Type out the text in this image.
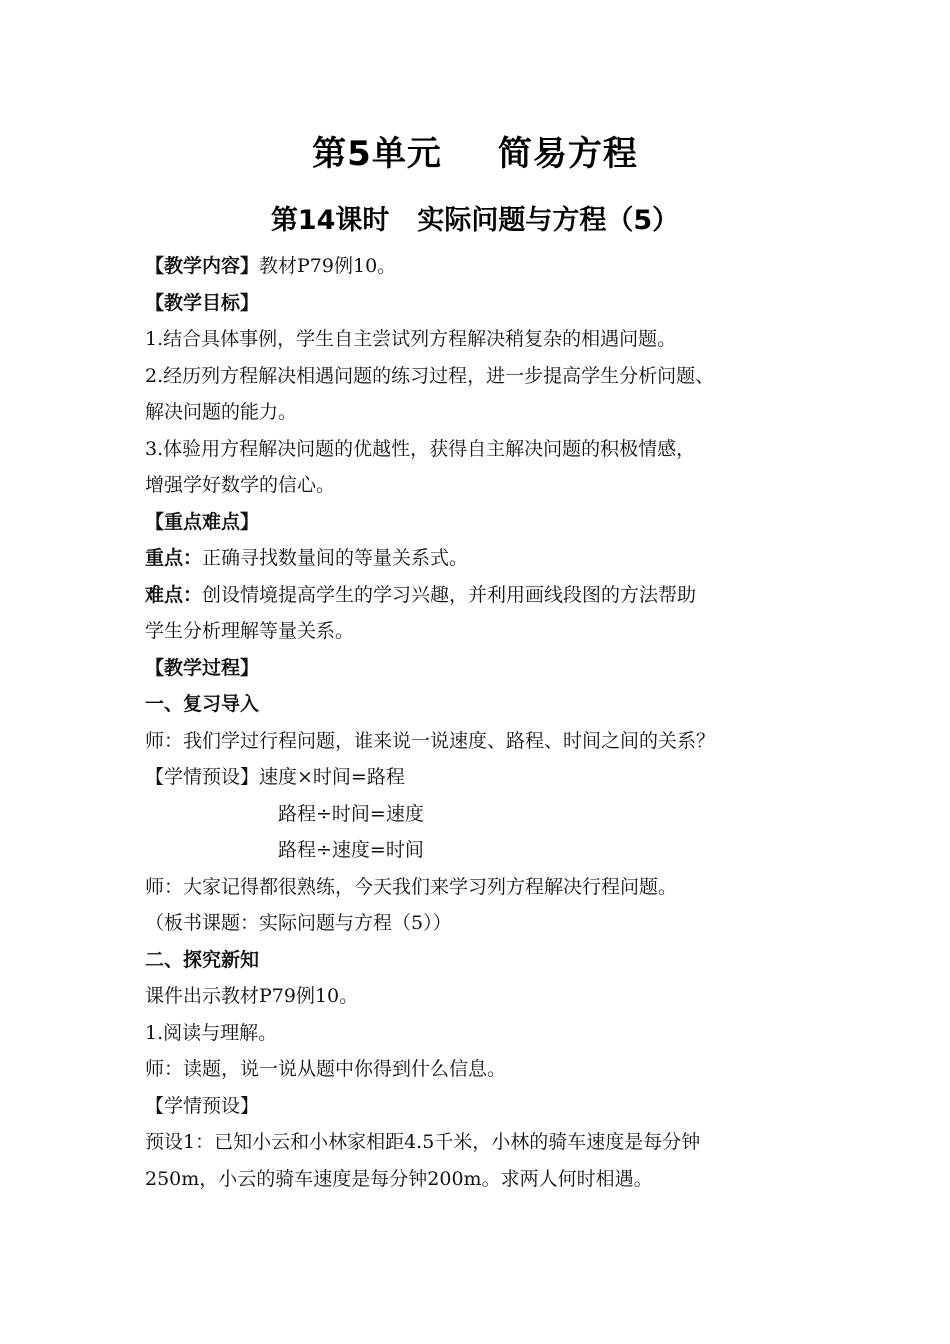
第5单元 简易方程
第14课时 实际问题与方程（5）
【教学内容】教材P79例10。
【教学目标】
1.结合具体事例，学生自主尝试列方程解决稍复杂的相遇问题。
2.经历列方程解决相遇问题的练习过程，进一步提高学生分析问题、
解决问题的能力。
3.体验用方程解决问题的优越性，获得自主解决问题的积极情感，
增强学好数学的信心。
【重点难点】
重点：正确寻找数量间的等量关系式。
难点：创设情境提高学生的学习兴趣，并利用画线段图的方法帮助
学生分析理解等量关系。
【教学过程】
一、复习导入
师：我们学过行程问题，谁来说一说速度、路程、时间之间的关系？
【学情预设】速度×时间=路程
路程÷时间=速度
路程÷速度=时间
师：大家记得都很熟练，今天我们来学习列方程解决行程问题。
（板书课题：实际问题与方程（5））
二、探究新知
课件出示教材P79例10。
1.阅读与理解。
师：读题，说一说从题中你得到什么信息。
【学情预设】
预设1：已知小云和小林家相距4.5千米，小林的骑车速度是每分钟
250m，小云的骑车速度是每分钟200m。求两人何时相遇。
